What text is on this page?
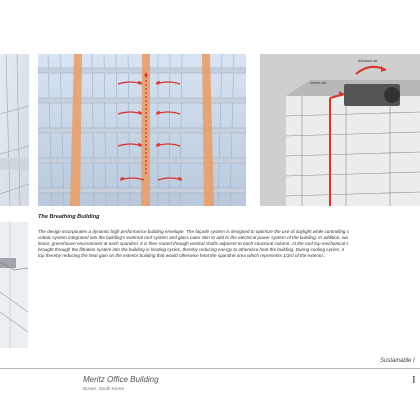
exhaust air
return air
The Breathing Building
The design incorporates a dynamic high performance building envelope. The façade system is designed to optimize the use of daylight while controlling s
voltaic system integrated into the building's external roof system and glass outer skin to add to the electrical power system of the building. In addition, wa
linear, greenhouse environment at each spandrel. It is then routed through vertical shafts adjacent to each structural column. At the roof top mechanical s
brought through the filtration system into the building in heating cycles, thereby reducing energy to otherwise heat the building. During cooling cycles, it
top thereby reducing the heat gain on the exterior building that would otherwise heat the spandrel area which represents 1/3rd of the exterior..
Sustainable I
Meritz Office Building
Busan, South Korea
I
